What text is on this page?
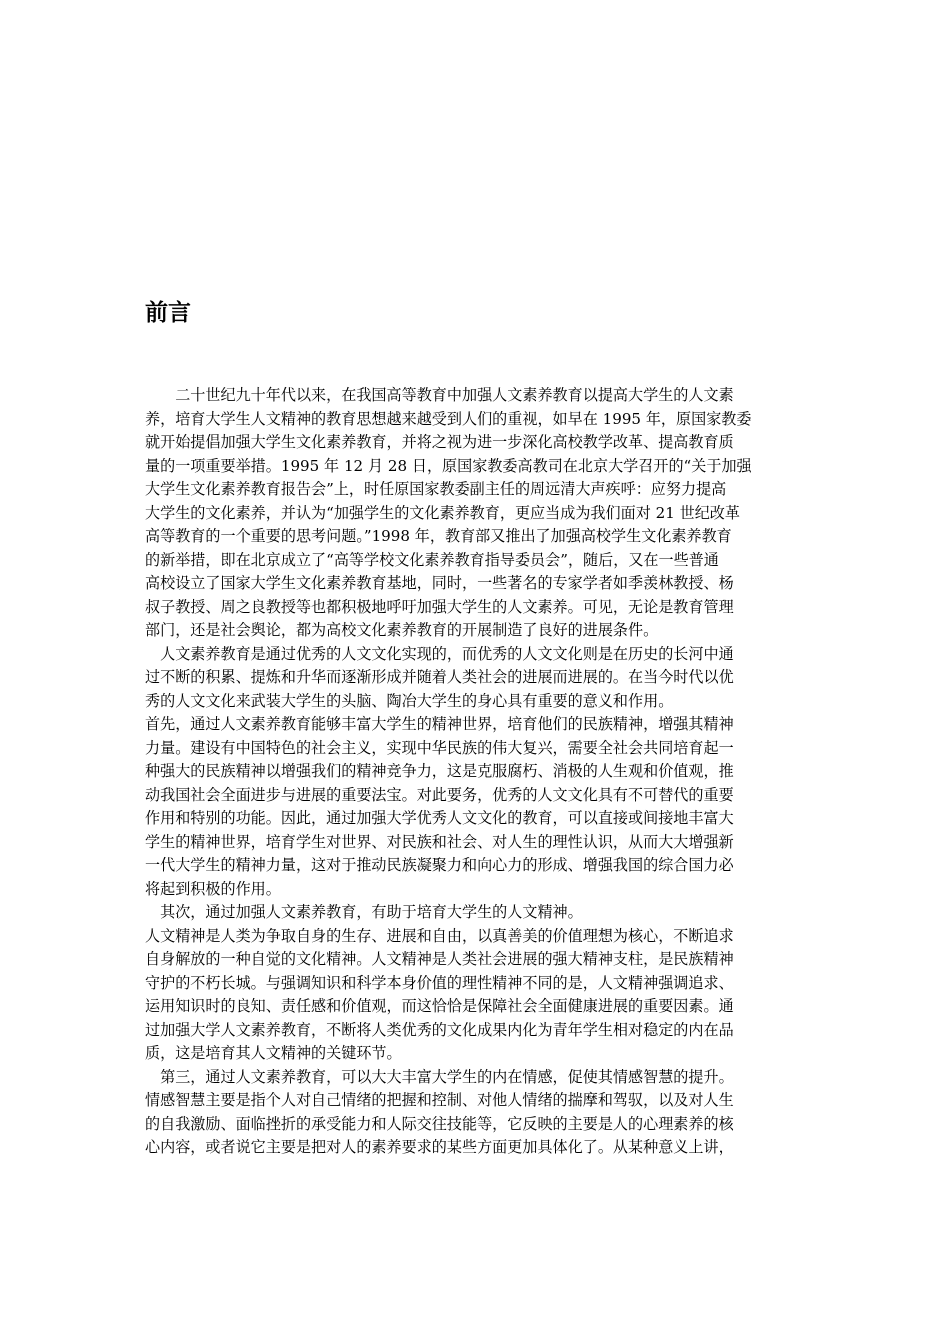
前言
　　二十世纪九十年代以来，在我国高等教育中加强人文素养教育以提高大学生的人文素
养，培育大学生人文精神的教育思想越来越受到人们的重视，如早在 1995 年，原国家教委
就开始提倡加强大学生文化素养教育，并将之视为进一步深化高校教学改革、提高教育质
量的一项重要举措。1995 年 12 月 28 日，原国家教委高教司在北京大学召开的“关于加强
大学生文化素养教育报告会”上，时任原国家教委副主任的周远清大声疾呼：应努力提高
大学生的文化素养，并认为“加强学生的文化素养教育，更应当成为我们面对 21 世纪改革
高等教育的一个重要的思考问题。”1998 年，教育部又推出了加强高校学生文化素养教育
的新举措，即在北京成立了“高等学校文化素养教育指导委员会”，随后，又在一些普通
高校设立了国家大学生文化素养教育基地，同时，一些著名的专家学者如季羡林教授、杨
叔子教授、周之良教授等也都积极地呼吁加强大学生的人文素养。可见，无论是教育管理
部门，还是社会舆论，都为高校文化素养教育的开展制造了良好的进展条件。
　人文素养教育是通过优秀的人文文化实现的，而优秀的人文文化则是在历史的长河中通
过不断的积累、提炼和升华而逐渐形成并随着人类社会的进展而进展的。在当今时代以优
秀的人文文化来武装大学生的头脑、陶冶大学生的身心具有重要的意义和作用。
首先，通过人文素养教育能够丰富大学生的精神世界，培育他们的民族精神，增强其精神
力量。建设有中国特色的社会主义，实现中华民族的伟大复兴，需要全社会共同培育起一
种强大的民族精神以增强我们的精神竞争力，这是克服腐朽、消极的人生观和价值观，推
动我国社会全面进步与进展的重要法宝。对此要务，优秀的人文文化具有不可替代的重要
作用和特别的功能。因此，通过加强大学优秀人文文化的教育，可以直接或间接地丰富大
学生的精神世界，培育学生对世界、对民族和社会、对人生的理性认识，从而大大增强新
一代大学生的精神力量，这对于推动民族凝聚力和向心力的形成、增强我国的综合国力必
将起到积极的作用。
　其次，通过加强人文素养教育，有助于培育大学生的人文精神。
人文精神是人类为争取自身的生存、进展和自由，以真善美的价值理想为核心，不断追求
自身解放的一种自觉的文化精神。人文精神是人类社会进展的强大精神支柱，是民族精神
守护的不朽长城。与强调知识和科学本身价值的理性精神不同的是，人文精神强调追求、
运用知识时的良知、责任感和价值观，而这恰恰是保障社会全面健康进展的重要因素。通
过加强大学人文素养教育，不断将人类优秀的文化成果内化为青年学生相对稳定的内在品
质，这是培育其人文精神的关键环节。
　第三，通过人文素养教育，可以大大丰富大学生的内在情感，促使其情感智慧的提升。
情感智慧主要是指个人对自己情绪的把握和控制、对他人情绪的揣摩和驾驭，以及对人生
的自我激励、面临挫折的承受能力和人际交往技能等，它反映的主要是人的心理素养的核
心内容，或者说它主要是把对人的素养要求的某些方面更加具体化了。从某种意义上讲，
